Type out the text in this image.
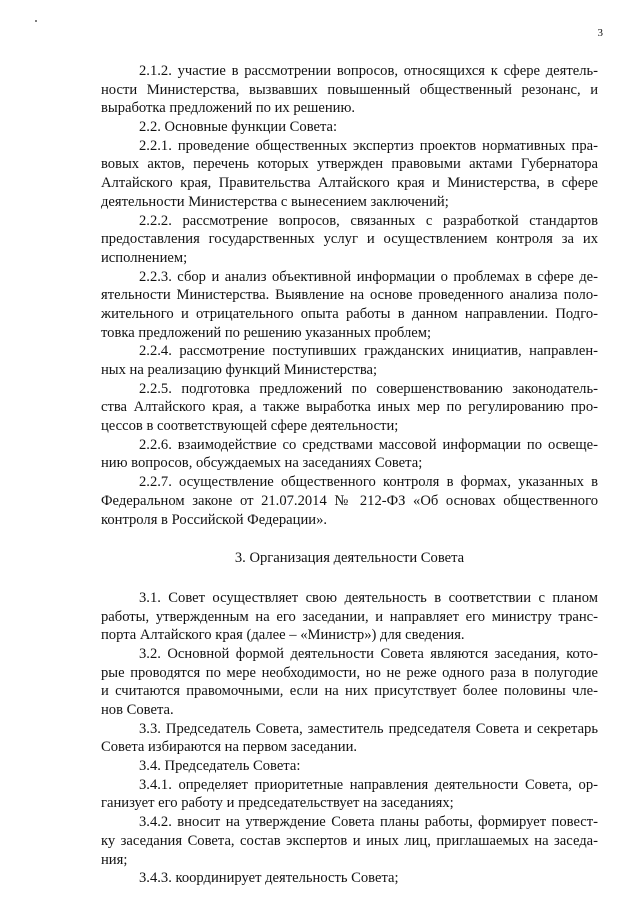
3
2.1.2. участие в рассмотрении вопросов, относящихся к сфере деятель-
ности Министерства, вызвавших повышенный общественный резонанс, и
выработка предложений по их решению.
2.2. Основные функции Совета:
2.2.1. проведение общественных экспертиз проектов нормативных пра-
вовых актов, перечень которых утвержден правовыми актами Губернатора
Алтайского края, Правительства Алтайского края и Министерства, в сфере
деятельности Министерства с вынесением заключений;
2.2.2. рассмотрение вопросов, связанных с разработкой стандартов
предоставления государственных услуг и осуществлением контроля за их
исполнением;
2.2.3. сбор и анализ объективной информации о проблемах в сфере де-
ятельности Министерства. Выявление на основе проведенного анализа поло-
жительного и отрицательного опыта работы в данном направлении. Подго-
товка предложений по решению указанных проблем;
2.2.4. рассмотрение поступивших гражданских инициатив, направлен-
ных на реализацию функций Министерства;
2.2.5. подготовка предложений по совершенствованию законодатель-
ства Алтайского края, а также выработка иных мер по регулированию про-
цессов в соответствующей сфере деятельности;
2.2.6. взаимодействие со средствами массовой информации по освеще-
нию вопросов, обсуждаемых на заседаниях Совета;
2.2.7. осуществление общественного контроля в формах, указанных в
Федеральном законе от 21.07.2014 № 212-ФЗ «Об основах общественного
контроля в Российской Федерации».
3. Организация деятельности Совета
3.1. Совет осуществляет свою деятельность в соответствии с планом
работы, утвержденным на его заседании, и направляет его министру транс-
порта Алтайского края (далее – «Министр») для сведения.
3.2. Основной формой деятельности Совета являются заседания, кото-
рые проводятся по мере необходимости, но не реже одного раза в полугодие
и считаются правомочными, если на них присутствует более половины чле-
нов Совета.
3.3. Председатель Совета, заместитель председателя Совета и секретарь
Совета избираются на первом заседании.
3.4. Председатель Совета:
3.4.1. определяет приоритетные направления деятельности Совета, ор-
ганизует его работу и председательствует на заседаниях;
3.4.2. вносит на утверждение Совета планы работы, формирует повест-
ку заседания Совета, состав экспертов и иных лиц, приглашаемых на заседа-
ния;
3.4.3. координирует деятельность Совета;
